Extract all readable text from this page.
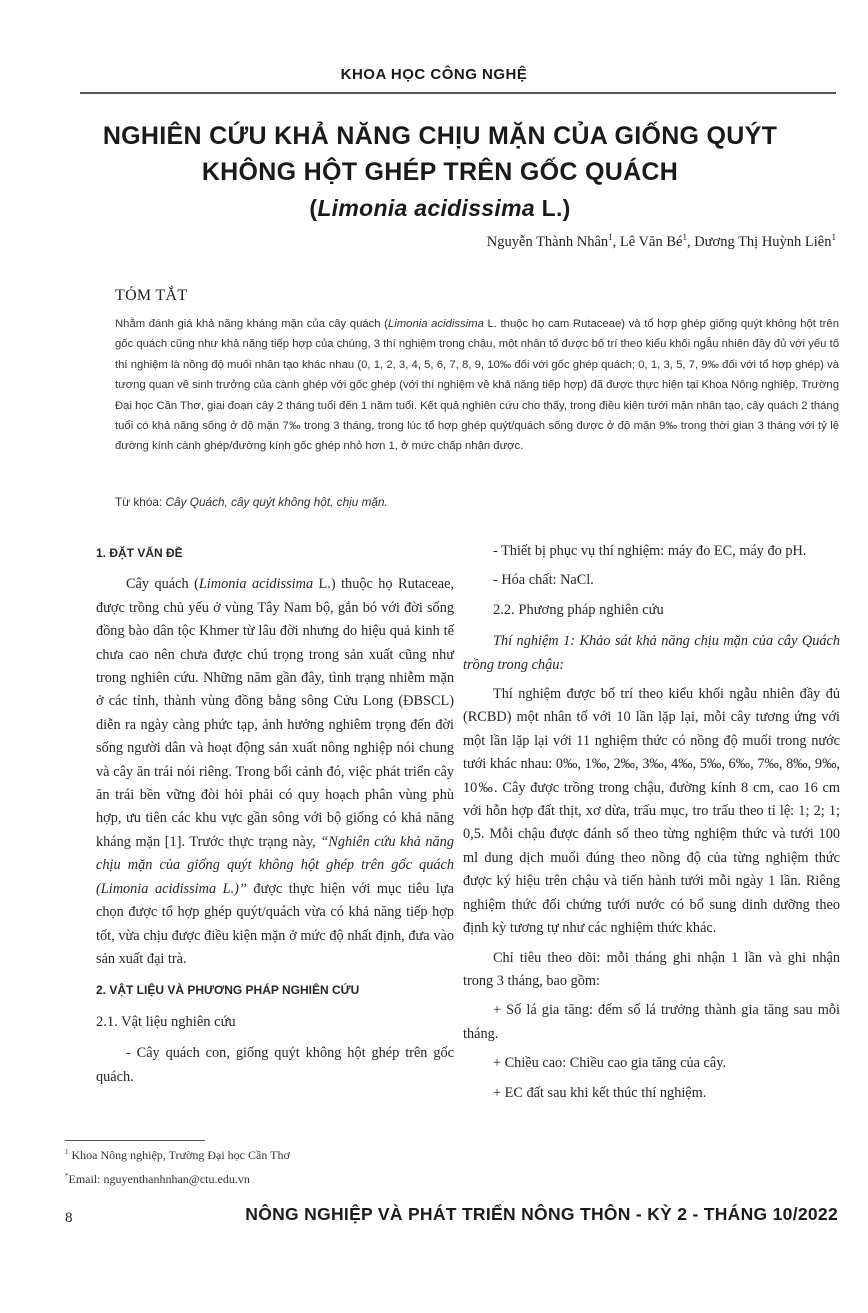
KHOA HỌC CÔNG NGHỆ
NGHIÊN CỨU KHẢ NĂNG CHỊU MẶN CỦA GIỐNG QUÝT
KHÔNG HỘT GHÉP TRÊN GỐC QUÁCH
(Limonia acidissima L.)
Nguyễn Thành Nhân$^1$, Lê Văn $Bé^1$, Dương Thị Huỳnh Liên$^1$
TÓM TẮT
Nhằm đánh giá khả năng kháng mặn của cây quách (Limonia acidissima L. thuộc họ cam Rutaceae) và tổ hợp ghép giống quýt không hột trên gốc quách cũng như khả năng tiếp hợp của chúng, 3 thí nghiệm trong chậu, một nhân tố được bố trí theo kiểu khối ngẫu nhiên đầy đủ với yếu tố thí nghiệm là nồng độ muối nhân tạo khác nhau (0, 1, 2, 3, 4, 5, 6, 7, 8, 9, 10‰ đối với gốc ghép quách; 0, 1, 3, 5, 7, 9‰ đối với tổ hợp ghép) và tương quan về sinh trưởng của cành ghép với gốc ghép (với thí nghiệm về khả năng tiếp hợp) đã được thực hiện tại Khoa Nông nghiệp, Trường Đại học Cần Thơ, giai đoạn cây 2 tháng tuổi đến 1 năm tuổi. Kết quả nghiên cứu cho thấy, trong điều kiện tưới mặn nhân tạo, cây quách 2 tháng tuổi có khả năng sống ở độ mặn 7‰ trong 3 tháng, trong lúc tổ hợp ghép quýt/quách sống được ở độ mặn 9‰ trong thời gian 3 tháng với tỷ lệ đường kính cành ghép/đường kính gốc ghép nhỏ hơn 1, ở mức chấp nhận được.
Từ khóa: Cây Quách, cây quýt không hột, chịu mặn.
1. ĐẶT VẤN ĐỀ

Cây quách (Limonia acidissima L.) thuộc họ Rutaceae, được trồng chủ yếu ở vùng Tây Nam bộ, gắn bó với đời sống đồng bào dân tộc Khmer từ lâu đời nhưng do hiệu quả kinh tế chưa cao nên chưa được chú trọng trong sản xuất cũng như trong nghiên cứu. Những năm gần đây, tình trạng nhiễm mặn ở các tỉnh, thành vùng đồng bằng sông Cửu Long (ĐBSCL) diễn ra ngày càng phức tạp, ảnh hưởng nghiêm trọng đến đời sống người dân và hoạt động sản xuất nông nghiệp nói chung và cây ăn trái nói riêng. Trong bối cảnh đó, việc phát triển cây ăn trái bền vững đòi hỏi phải có quy hoạch phân vùng phù hợp, ưu tiên các khu vực gần sông với bộ giống có khả năng kháng mặn [1]. Trước thực trạng này, “Nghiên cứu khả năng chịu mặn của giống quýt không hột ghép trên gốc quách (Limonia acidissima L.)” được thực hiện với mục tiêu lựa chọn được tổ hợp ghép quýt/quách vừa có khả năng tiếp hợp tốt, vừa chịu được điều kiện mặn ở mức độ nhất định, đưa vào sản xuất đại trà.

2. VẬT LIỆU VÀ PHƯƠNG PHÁP NGHIÊN CỨU
2.1. Vật liệu nghiên cứu

- Cây quách con, giống quýt không hột ghép trên gốc quách.

- Thiết bị phục vụ thí nghiệm: máy đo EC, máy đo pH.

- Hóa chất: NaCl.

2.2. Phương pháp nghiên cứu

Thí nghiệm 1: Khảo sát khả năng chịu mặn của cây Quách trồng trong chậu:

Thí nghiệm được bố trí theo kiểu khối ngẫu nhiên đầy đủ (RCBD) một nhân tố với 10 lần lặp lại, mỗi cây tương ứng với một lần lặp lại với 11 nghiệm thức có nồng độ muối trong nước tưới khác nhau: 0‰, 1‰, 2‰, 3‰, 4‰, 5‰, 6‰, 7‰, 8‰, 9‰, 10‰. Cây được trồng trong chậu, đường kính 8 cm, cao 16 cm với hỗn hợp đất thịt, xơ dừa, trấu mục, tro trấu theo tỉ lệ: 1; 2; 1; 0,5. Mỗi chậu được đánh số theo từng nghiệm thức và tưới 100 ml dung dịch muối đúng theo nồng độ của từng nghiệm thức được ký hiệu trên chậu và tiến hành tưới mỗi ngày 1 lần. Riêng nghiệm thức đối chứng tưới nước có bổ sung dinh dưỡng theo định kỳ tương tự như các nghiệm thức khác.

Chỉ tiêu theo dõi: mỗi tháng ghi nhận 1 lần và ghi nhận trong 3 tháng, bao gồm:

+ Số lá gia tăng: đếm số lá trưởng thành gia tăng sau mỗi tháng.

+ Chiều cao: Chiều cao gia tăng của cây.

+ EC đất sau khi kết thúc thí nghiệm.

$^1$ Khoa Nông nghiệp, Trường Đại học Cần Thơ
*Email: nguyenthanhnhan@ctu.edu.vn
8	NÔNG NGHIỆP VÀ PHÁT TRIỂN NÔNG THÔN - KỲ 2 - THÁNG 10/2022
